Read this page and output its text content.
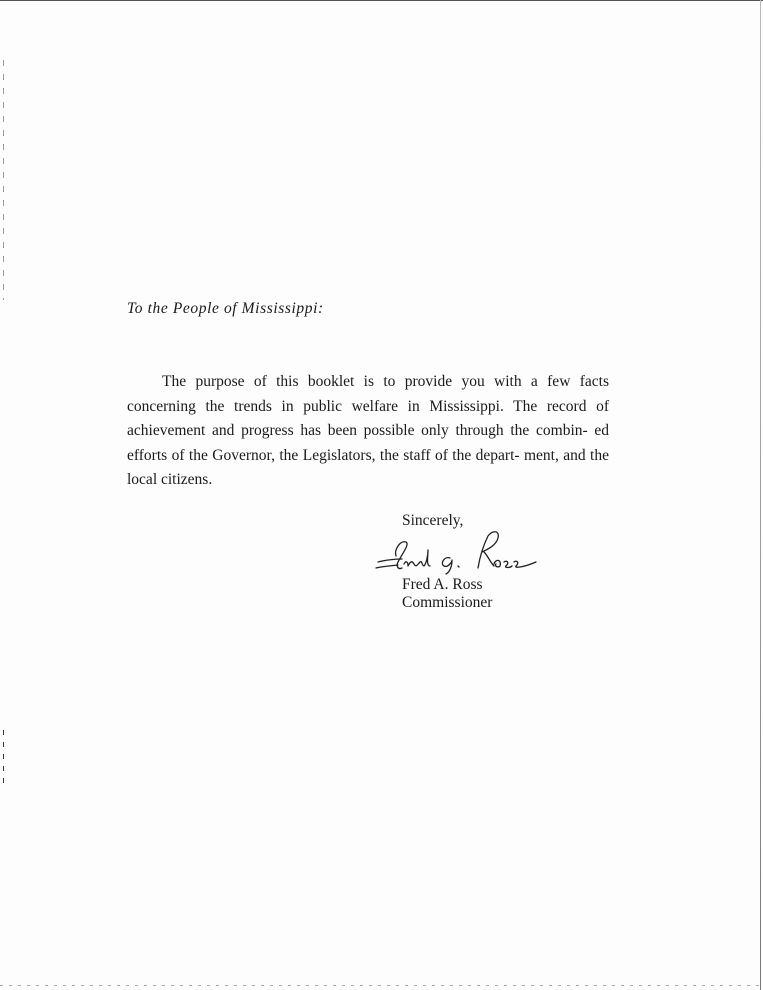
To the People of Mississippi:

The purpose of this booklet is to provide you with a few facts concerning the trends in public welfare in Mississippi. The record of achievement and progress has been possible only through the combin- ed efforts of the Governor, the Legislators, the staff of the depart- ment, and the local citizens.

Sincerely,

Fred A. Ross

Commissioner
